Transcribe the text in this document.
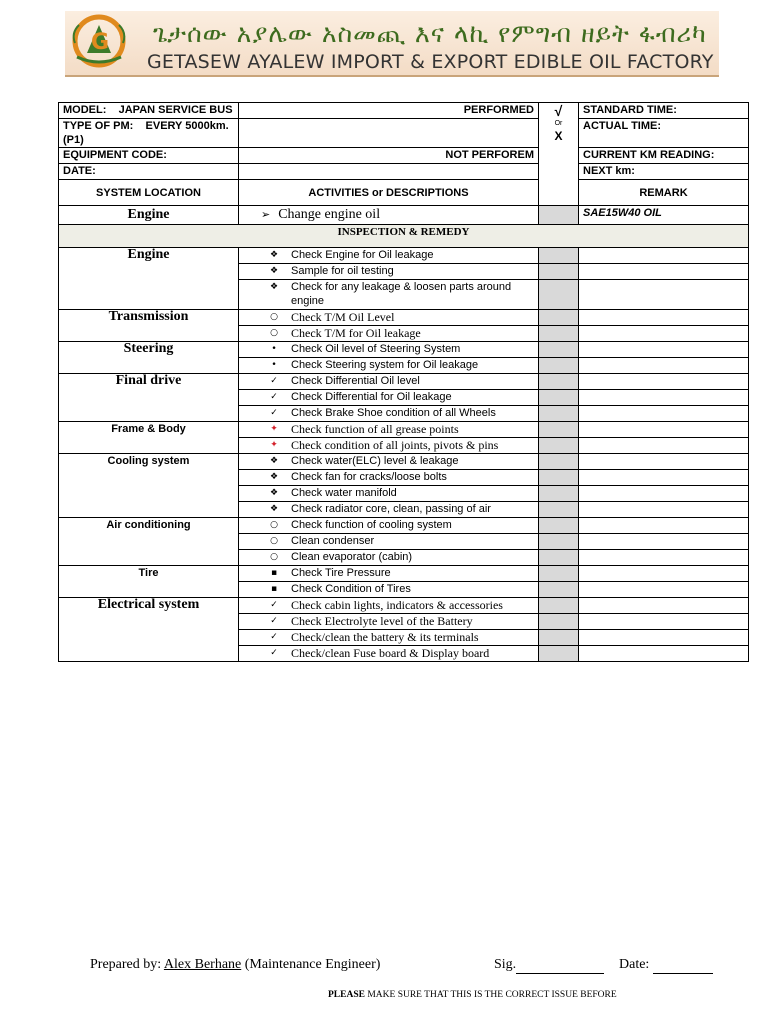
G ጌታሰው አያሌው አስመጪ እና ላኪ የምግብ ዘይት ፋብሪካ
GETASEW AYALEW IMPORT & EXPORT EDIBLE OIL FACTORY
MODEL: JAPAN SERVICE BUS	PERFORMED	√
Or
X	STANDARD TIME:
TYPE OF PM: EVERY 5000km. (P1)			ACTUAL TIME:
EQUIPMENT CODE:	NOT PERFOREM		CURRENT KM READING:
DATE:			NEXT km:
SYSTEM LOCATION	ACTIVITIES or DESCRIPTIONS		REMARK
Engine	➢ Change engine oil		SAE15W40 OIL
INSPECTION & REMEDY			
Engine	❖ Check Engine for Oil leakage		
	❖ Sample for oil testing		
	❖ Check for any leakage & loosen parts around engine		
Transmission	○ Check T/M Oil Level		
	○ Check T/M for Oil leakage		
Steering	• Check Oil level of Steering System		
	• Check Steering system for Oil leakage		
Final drive	✓ Check Differential Oil level		
	✓ Check Differential for Oil leakage		
	✓ Check Brake Shoe condition of all Wheels		
Frame & Body	✦ Check function of all grease points		
	✦ Check condition of all joints, pivots & pins		
Cooling system	❖ Check water(ELC) level & leakage		
	❖ Check fan for cracks/loose bolts		
	❖ Check water manifold		
	❖ Check radiator core, clean, passing of air		
Air conditioning	○ Check function of cooling system		
	○ Clean condenser		
	○ Clean evaporator (cabin)		
Tire	▪ Check Tire Pressure		
	▪ Check Condition of Tires		
Electrical system	✓ Check cabin lights, indicators & accessories		
	✓ Check Electrolyte level of the Battery		
	✓ Check/clean the battery & its terminals		
	✓ Check/clean Fuse board & Display board		
Prepared by: Alex Berhane (Maintenance Engineer)	Sig.	Date:
PLEASE MAKE SURE THAT THIS IS THE CORRECT ISSUE BEFORE
